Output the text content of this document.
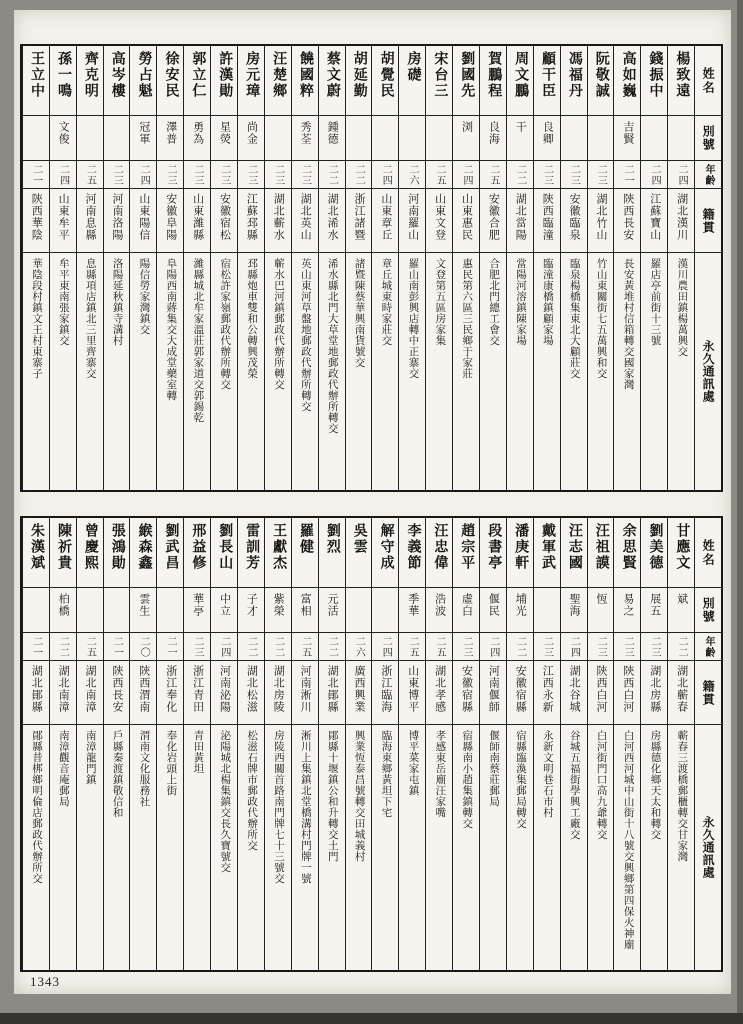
姓名
別號
年齡
籍貫
永久通訊處
楊致遠
二四
湖北漢川
漢川農田鎮楊萬興交
錢振中
二四
江蘇寶山
羅店亭前街十三號
高如巍
吉賢
二一
陝西長安
長安黃堆村信箱轉交國家灣
阮敬誠
二三
湖北竹山
竹山東關街七五萬興和交
馮福丹
二三
安徽臨泉
臨泉楊橋集東北大顧莊交
顧干臣
良卿
二三
陝西臨潼
臨潼康橋鎮顧家場
周文鵬
干
二二
湖北當陽
當陽河溶鎮陳家場
賀鵬程
良海
二五
安徽合肥
合肥北門總工會交
劉國先
浏
二四
山東惠民
惠民第六區三民鄉于家莊
宋台三
二五
山東文登
文登第五區房家集
房礎
二六
河南羅山
羅山南彭興店轉中正寨交
胡覺民
二四
山東章丘
章丘城東時家莊交
胡延勤
二二
浙江諸暨
諸暨陳蔡華興南貨號交
蔡文蔚
鍾德
二二
湖北浠水
浠水縣北門大草堂地郵政代辦所轉交
饒國粹
秀荃
二三
湖北英山
英山東河草盤地郵政代辦所轉交
汪楚鄉
二三
湖北蘄水
蘄水巴河鎮郵政代辦所轉交
房元璋
尚金
二三
江蘇邳縣
邳縣炮車雙和公轉興茂榮
許漢勛
星熒
二三
安徽宿松
宿松許家嶺郵政代辦所轉交
郭立仁
勇為
二三
山東濰縣
濰縣城北牟家溫莊郭家道交郭錫乾
徐安民
澤普
二三
安徽阜陽
阜陽西南蔣集交大成堂藥室轉
勞占魁
冠軍
二四
山東陽信
陽信勞家灣鎮交
高岑樓
二三
河南洛陽
洛陽延秋鎮寺溝村
齊克明
二五
河南息縣
息縣項店鎮北三里齊寨交
孫一鳴
文俊
二四
山東牟平
牟平東南張家鎮交
王立中
二一
陝西華陰
華陰段村鎮文王村東寨子
姓名
別號
年齡
籍貫
永久通訊處
甘應文
斌
二二
湖北蘄春
蘄春三渡橋郵櫃轉交甘家灣
劉美德
展五
二三
湖北房縣
房縣德化鄉天太和轉交
余思賢
易之
二三
陝西白河
白河西河城中山街十八號交興鄉第四保火神廟
汪祖謨
恆
二三
陝西白河
白河街門口高九爺轉交
汪志國
聖海
二四
湖北谷城
谷城五福街學興工廠交
戴軍武
二三
江西永新
永新文明巷石市村
潘庚軒
埔光
二二
安徽宿縣
宿縣臨渙集郵局轉交
段書亭
偃民
二四
河南偃師
偃師南蔡莊郵局
趙宗平
虛白
二三
安徽宿縣
宿縣南小趙集鎮轉交
汪忠偉
浩波
二五
湖北孝感
孝感東岳廟汪家嘴
李義節
季華
二五
山東博平
博平菜家屯鎮
解守成
二四
浙江臨海
臨海東鄉黃坦下宅
吳雲
二六
廣西興業
興業恆泰昌號轉交田城義村
劉烈
元活
二二
湖北鄖縣
鄖縣十堰鎮公和升轉交土門
羅健
富相
二五
河南淅川
淅川上集鎮北堂橋溝村門牌一號
王獻杰
紫榮
二二
湖北房陵
房陵西關首路南門牌七十三號交
雷訓芳
子才
二二
湖北松滋
松滋石牌市郵政代辦所交
劉長山
中立
二四
河南泌陽
泌陽城北楊集鎮交長久寶號交
邢益修
華亭
二三
浙江青田
青田黃坦
劉武昌
二一
浙江奉化
奉化岩頭上街
緱森鑫
雲生
二〇
陝西渭南
渭南文化服務社
張鴻勛
二一
陝西長安
戶縣秦渡鎮敬信和
曾慶熙
二五
湖北南漳
南漳龍門鎮
陳祈貴
柏橋
二二
湖北南漳
南漳觀音庵郵局
朱漢斌
二一
湖北鄖縣
鄖縣昔梆鄉明倫店郵政代辦所交
1343
